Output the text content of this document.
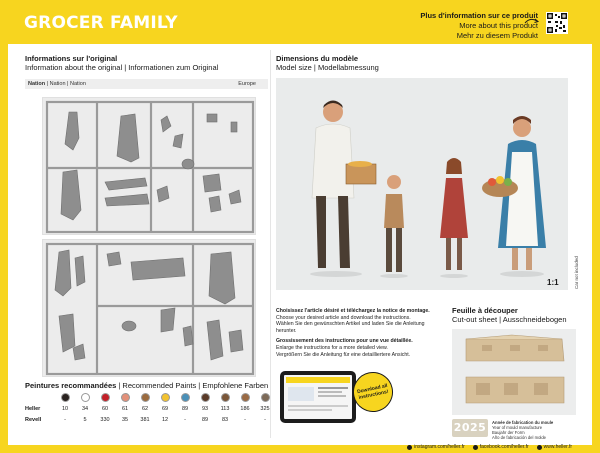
GROCER FAMILY	Plus d'information sur ce produit
More about this product
Mehr zu diesem Produkt
Informations sur l'original
Information about the original | Informationen zum Original
Nation | Nation | Nation	Europe
Peintures recommandées | Recommended Paints | Empfohlene Farben
Heller	10	34	60	61	62	69	89	93	113	186	325
Revell	-	5	330	35	381	12	-	89	83	-	-
Dimensions du modèle
Model size | Modellabmessung
1:1	Car not included

Choisissez l'article désiré et téléchargez la notice de montage.
Choose your desired article and download the instructions.
Wählen Sie den gewünschten Artikel und laden Sie die Anleitung herunter.

Grossissement des instructions pour une vue détaillée.
Enlarge the instructions for a more detailed view.
Vergrößern Sie die Anleitung für eine detailliertere Ansicht.

Download all instructions!
Feuille à découper
Cut-out sheet | Ausschneidebogen
2025	Année de fabrication du moule
Year of mould manufacture
Baujahr der Form
Año de fabricación del molde
instagram.com/heller.fr	facebook.com/heller.fr	www.heller.fr
